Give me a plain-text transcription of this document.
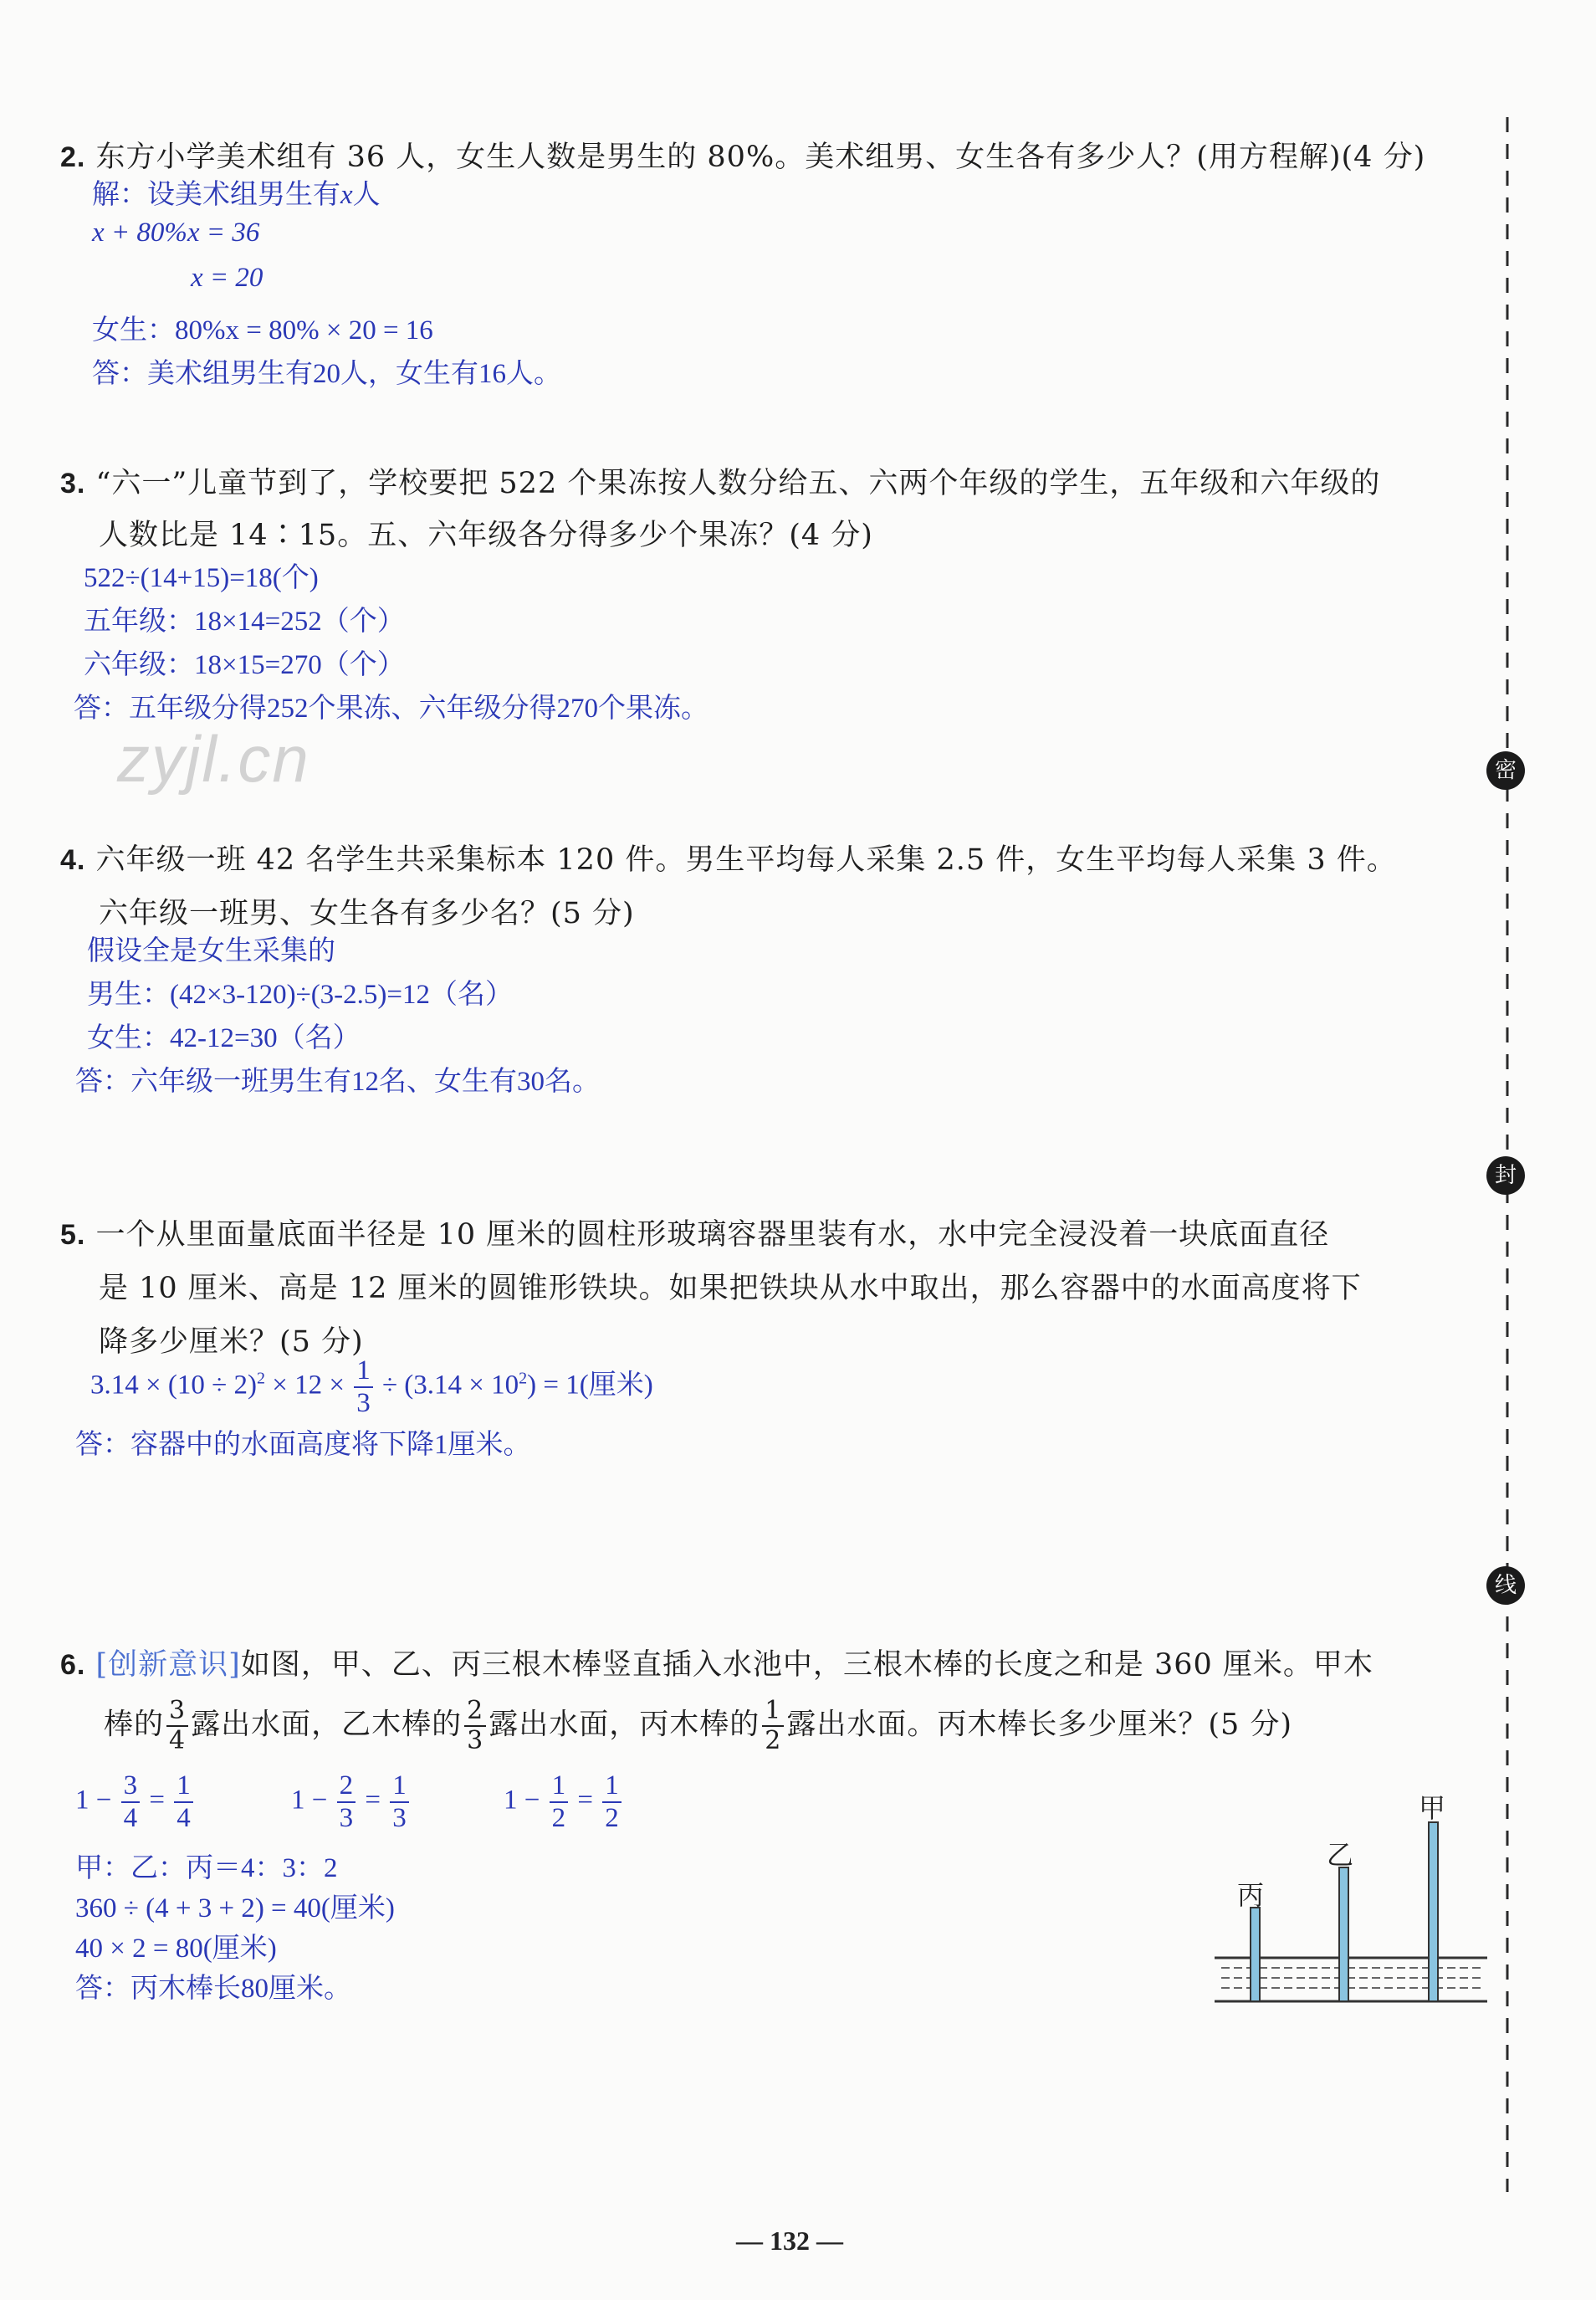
密
封
线
2. 东方小学美术组有 36 人，女生人数是男生的 80%。美术组男、女生各有多少人？(用方程解)(4 分)
解：设美术组男生有x人
x + 80%x = 36
x = 20
女生：80%x = 80% × 20 = 16
答：美术组男生有20人，女生有16人。
3. “六一”儿童节到了，学校要把 522 个果冻按人数分给五、六两个年级的学生，五年级和六年级的
人数比是 14∶15。五、六年级各分得多少个果冻？(4 分)
522÷(14+15)=18(个)
五年级：18×14=252（个）
六年级：18×15=270（个）
答：五年级分得252个果冻、六年级分得270个果冻。
zyjl.cn
4. 六年级一班 42 名学生共采集标本 120 件。男生平均每人采集 2.5 件，女生平均每人采集 3 件。
六年级一班男、女生各有多少名？(5 分)
假设全是女生采集的
男生：(42×3-120)÷(3-2.5)=12（名）
女生：42-12=30（名）
答：六年级一班男生有12名、女生有30名。
5. 一个从里面量底面半径是 10 厘米的圆柱形玻璃容器里装有水，水中完全浸没着一块底面直径
是 10 厘米、高是 12 厘米的圆锥形铁块。如果把铁块从水中取出，那么容器中的水面高度将下
降多少厘米？(5 分)
$3.14 \times (10 \div 2)^2 \times 12 \times \frac{1}{3} \div (3.14 \times 10^2) = 1$(厘米)
答：容器中的水面高度将下降1厘米。
6. [创新意识]如图，甲、乙、丙三根木棒竖直插入水池中，三根木棒的长度之和是 360 厘米。甲木
棒的 $\frac{3}{4}$ 露出水面，乙木棒的 $\frac{2}{3}$ 露出水面，丙木棒的 $\frac{1}{2}$ 露出水面。丙木棒长多少厘米？(5 分)
$1 - \frac{3}{4} = \frac{1}{4}$	$1 - \frac{2}{3} = \frac{1}{3}$	$1 - \frac{1}{2} = \frac{1}{2}$
甲：乙：丙＝4：3：2
360 ÷ (4 + 3 + 2) = 40(厘米)
40 × 2 = 80(厘米)
答：丙木棒长80厘米。
丙
乙
甲
— 132 —
